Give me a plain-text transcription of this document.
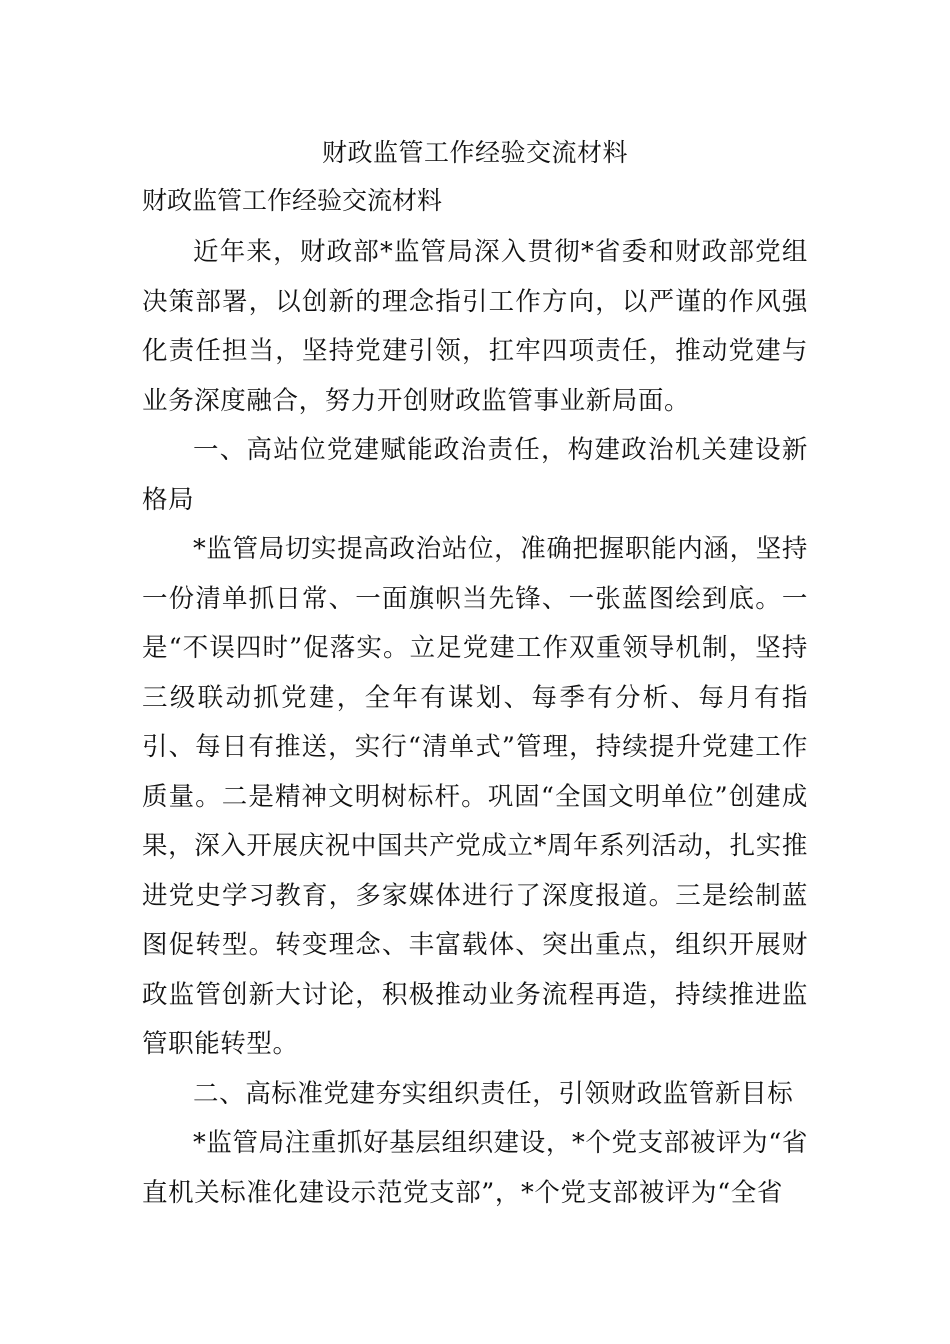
财政监管工作经验交流材料

财政监管工作经验交流材料

近年来，财政部*监管局深入贯彻*省委和财政部党组决策部署，以创新的理念指引工作方向，以严谨的作风强化责任担当，坚持党建引领，扛牢四项责任，推动党建与业务深度融合，努力开创财政监管事业新局面。

一、高站位党建赋能政治责任，构建政治机关建设新格局

*监管局切实提高政治站位，准确把握职能内涵，坚持一份清单抓日常、一面旗帜当先锋、一张蓝图绘到底。一是“不误四时”促落实。立足党建工作双重领导机制，坚持三级联动抓党建，全年有谋划、每季有分析、每月有指引、每日有推送，实行“清单式”管理，持续提升党建工作质量。二是精神文明树标杆。巩固“全国文明单位”创建成果，深入开展庆祝中国共产党成立*周年系列活动，扎实推进党史学习教育，多家媒体进行了深度报道。三是绘制蓝图促转型。转变理念、丰富载体、突出重点，组织开展财政监管创新大讨论，积极推动业务流程再造，持续推进监管职能转型。

二、高标准党建夯实组织责任，引领财政监管新目标

*监管局注重抓好基层组织建设，*个党支部被评为“省直机关标准化建设示范党支部”，*个党支部被评为“全省
